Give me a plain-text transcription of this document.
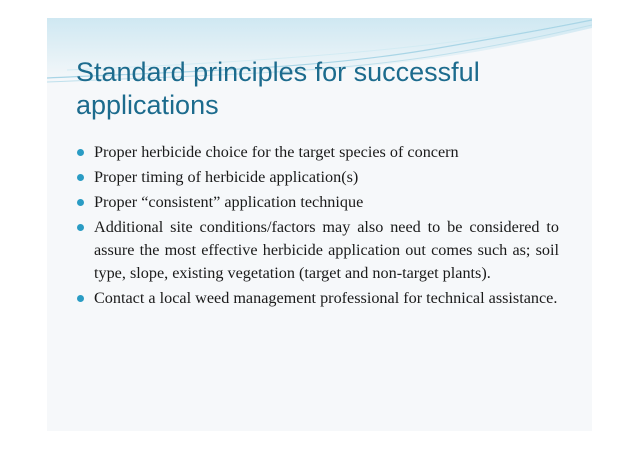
Standard principles for successful applications
Proper herbicide choice for the target species of concern
Proper timing of herbicide application(s)
Proper “consistent” application technique
Additional site conditions/factors may also need to be considered to assure the most effective herbicide application out comes such as; soil type, slope, existing vegetation (target and non-target plants).
Contact a local weed management professional for technical assistance.
